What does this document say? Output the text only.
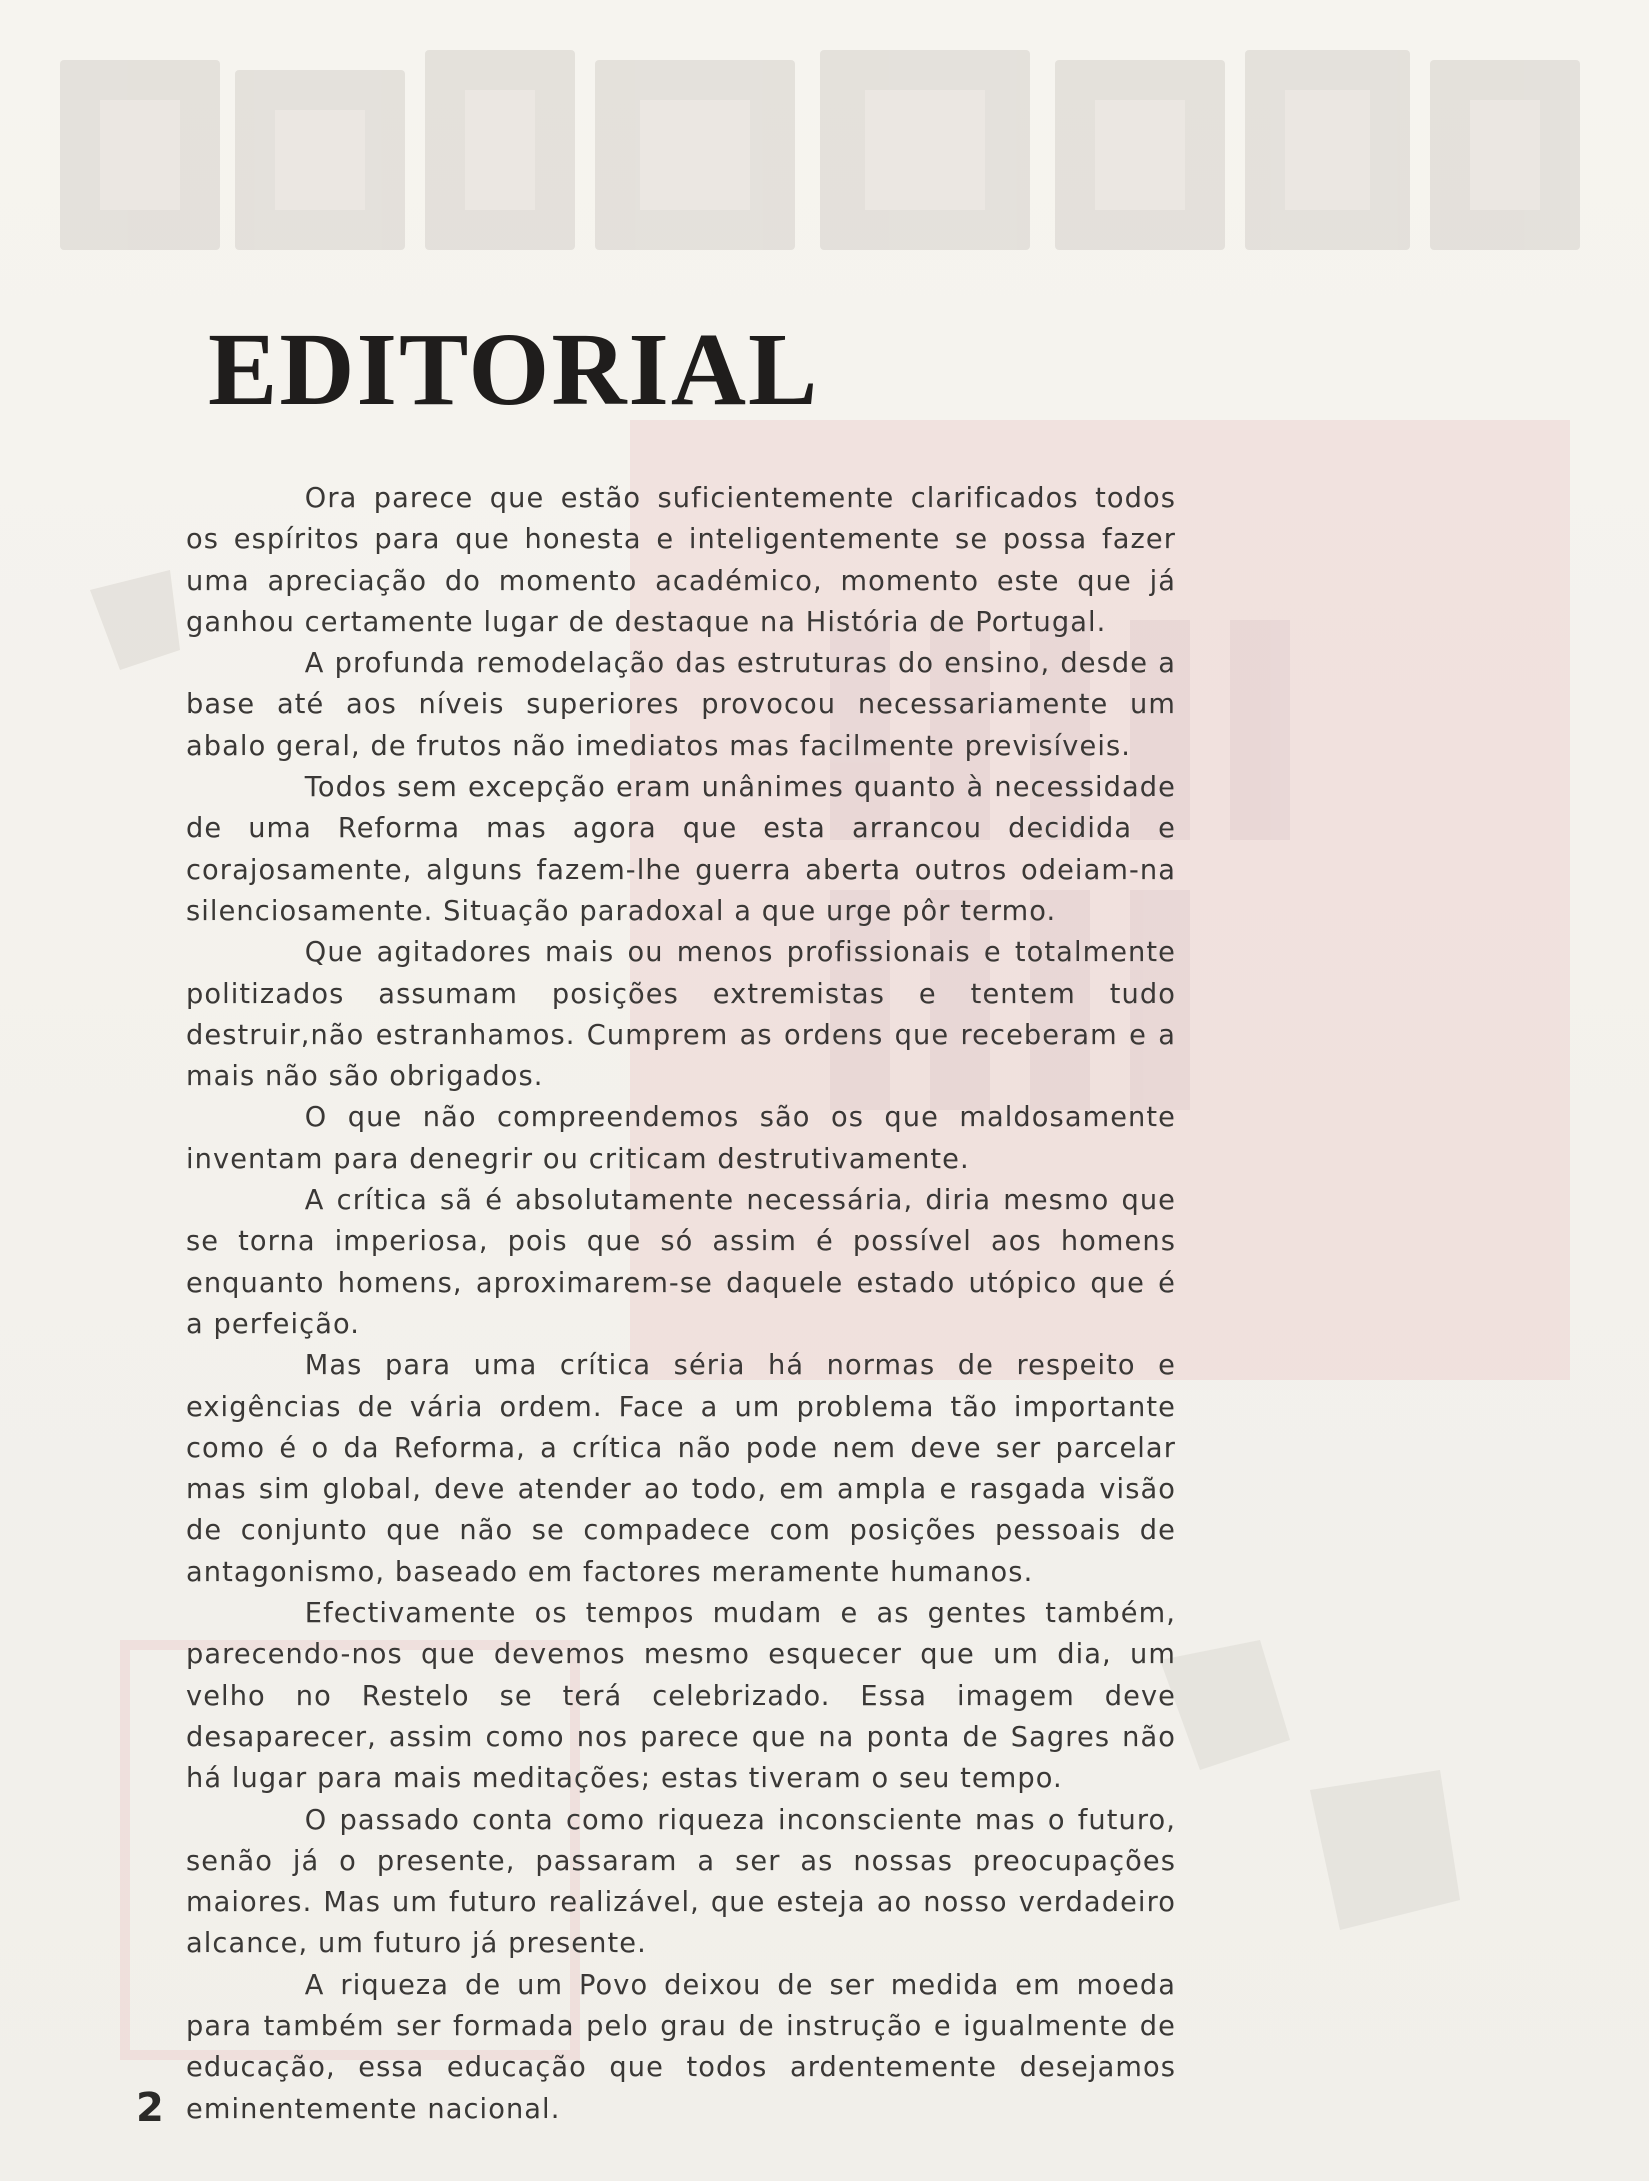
EDITORIAL

Ora parece que estão suficientemente clarificados todos os espíritos para que honesta e inteligentemente se possa fazer uma apreciação do momento académico, momento este que já ganhou certamente lugar de destaque na História de Portugal.

A profunda remodelação das estruturas do ensino, desde a base até aos níveis superiores provocou necessariamente um abalo geral, de frutos não imediatos mas facilmente previsíveis.

Todos sem excepção eram unânimes quanto à necessidade de uma Reforma mas agora que esta arrancou decidida e corajosamente, alguns fazem-lhe guerra aberta outros odeiam-na silenciosamente. Situação paradoxal a que urge pôr termo.

Que agitadores mais ou menos profissionais e totalmente politizados assumam posições extremistas e tentem tudo destruir,não estranhamos. Cumprem as ordens que receberam e a mais não são obrigados.

O que não compreendemos são os que maldosamente inventam para denegrir ou criticam destrutivamente.

A crítica sã é absolutamente necessária, diria mesmo que se torna imperiosa, pois que só assim é possível aos homens enquanto homens, aproximarem-se daquele estado utópico que é a perfeição.

Mas para uma crítica séria há normas de respeito e exigências de vária ordem. Face a um problema tão importante como é o da Reforma, a crítica não pode nem deve ser parcelar mas sim global, deve atender ao todo, em ampla e rasgada visão de conjunto que não se compadece com posições pessoais de antagonismo, baseado em factores meramente humanos.

Efectivamente os tempos mudam e as gentes também, parecendo-nos que devemos mesmo esquecer que um dia, um velho no Restelo se terá celebrizado. Essa imagem deve desaparecer, assim como nos parece que na ponta de Sagres não há lugar para mais meditações; estas tiveram o seu tempo.

O passado conta como riqueza inconsciente mas o futuro, senão já o presente, passaram a ser as nossas preocupações maiores. Mas um futuro realizável, que esteja ao nosso verdadeiro alcance, um futuro já presente.

A riqueza de um Povo deixou de ser medida em moeda para também ser formada pelo grau de instrução e igualmente de educação, essa educação que todos ardentemente desejamos eminentemente nacional.

2
